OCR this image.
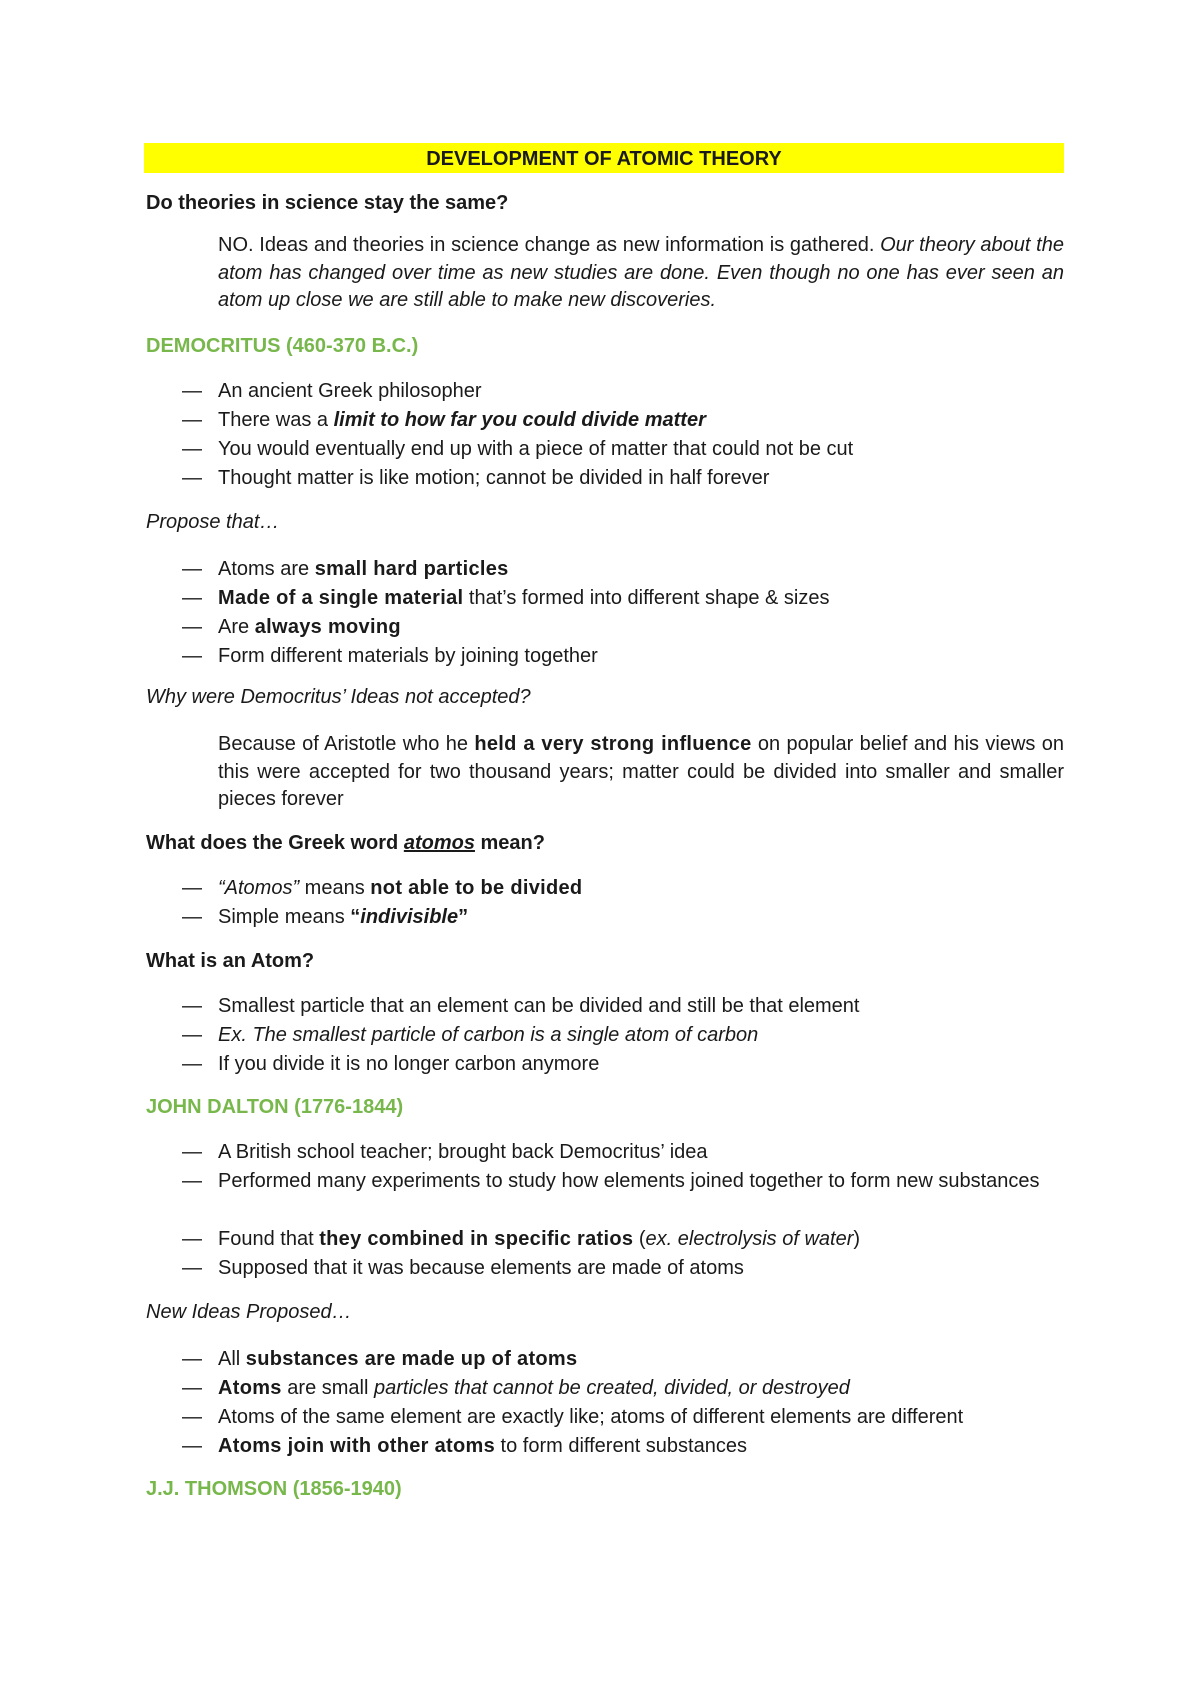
DEVELOPMENT OF ATOMIC THEORY
Do theories in science stay the same?
NO. Ideas and theories in science change as new information is gathered. Our theory about the atom has changed over time as new studies are done. Even though no one has ever seen an atom up close we are still able to make new discoveries.
DEMOCRITUS (460-370 B.C.)
— An ancient Greek philosopher
— There was a limit to how far you could divide matter
— You would eventually end up with a piece of matter that could not be cut
— Thought matter is like motion; cannot be divided in half forever
Propose that…
— Atoms are small hard particles
— Made of a single material that’s formed into different shape & sizes
— Are always moving
— Form different materials by joining together
Why were Democritus’ Ideas not accepted?
Because of Aristotle who he held a very strong influence on popular belief and his views on this were accepted for two thousand years; matter could be divided into smaller and smaller pieces forever
What does the Greek word atomos mean?
— “Atomos” means not able to be divided
— Simple means “indivisible”
What is an Atom?
— Smallest particle that an element can be divided and still be that element
— Ex. The smallest particle of carbon is a single atom of carbon
— If you divide it is no longer carbon anymore
JOHN DALTON (1776-1844)
— A British school teacher; brought back Democritus’ idea
— Performed many experiments to study how elements joined together to form new substances
— Found that they combined in specific ratios (ex. electrolysis of water)
— Supposed that it was because elements are made of atoms
New Ideas Proposed…
— All substances are made up of atoms
— Atoms are small particles that cannot be created, divided, or destroyed
— Atoms of the same element are exactly like; atoms of different elements are different
— Atoms join with other atoms to form different substances
J.J. THOMSON (1856-1940)
